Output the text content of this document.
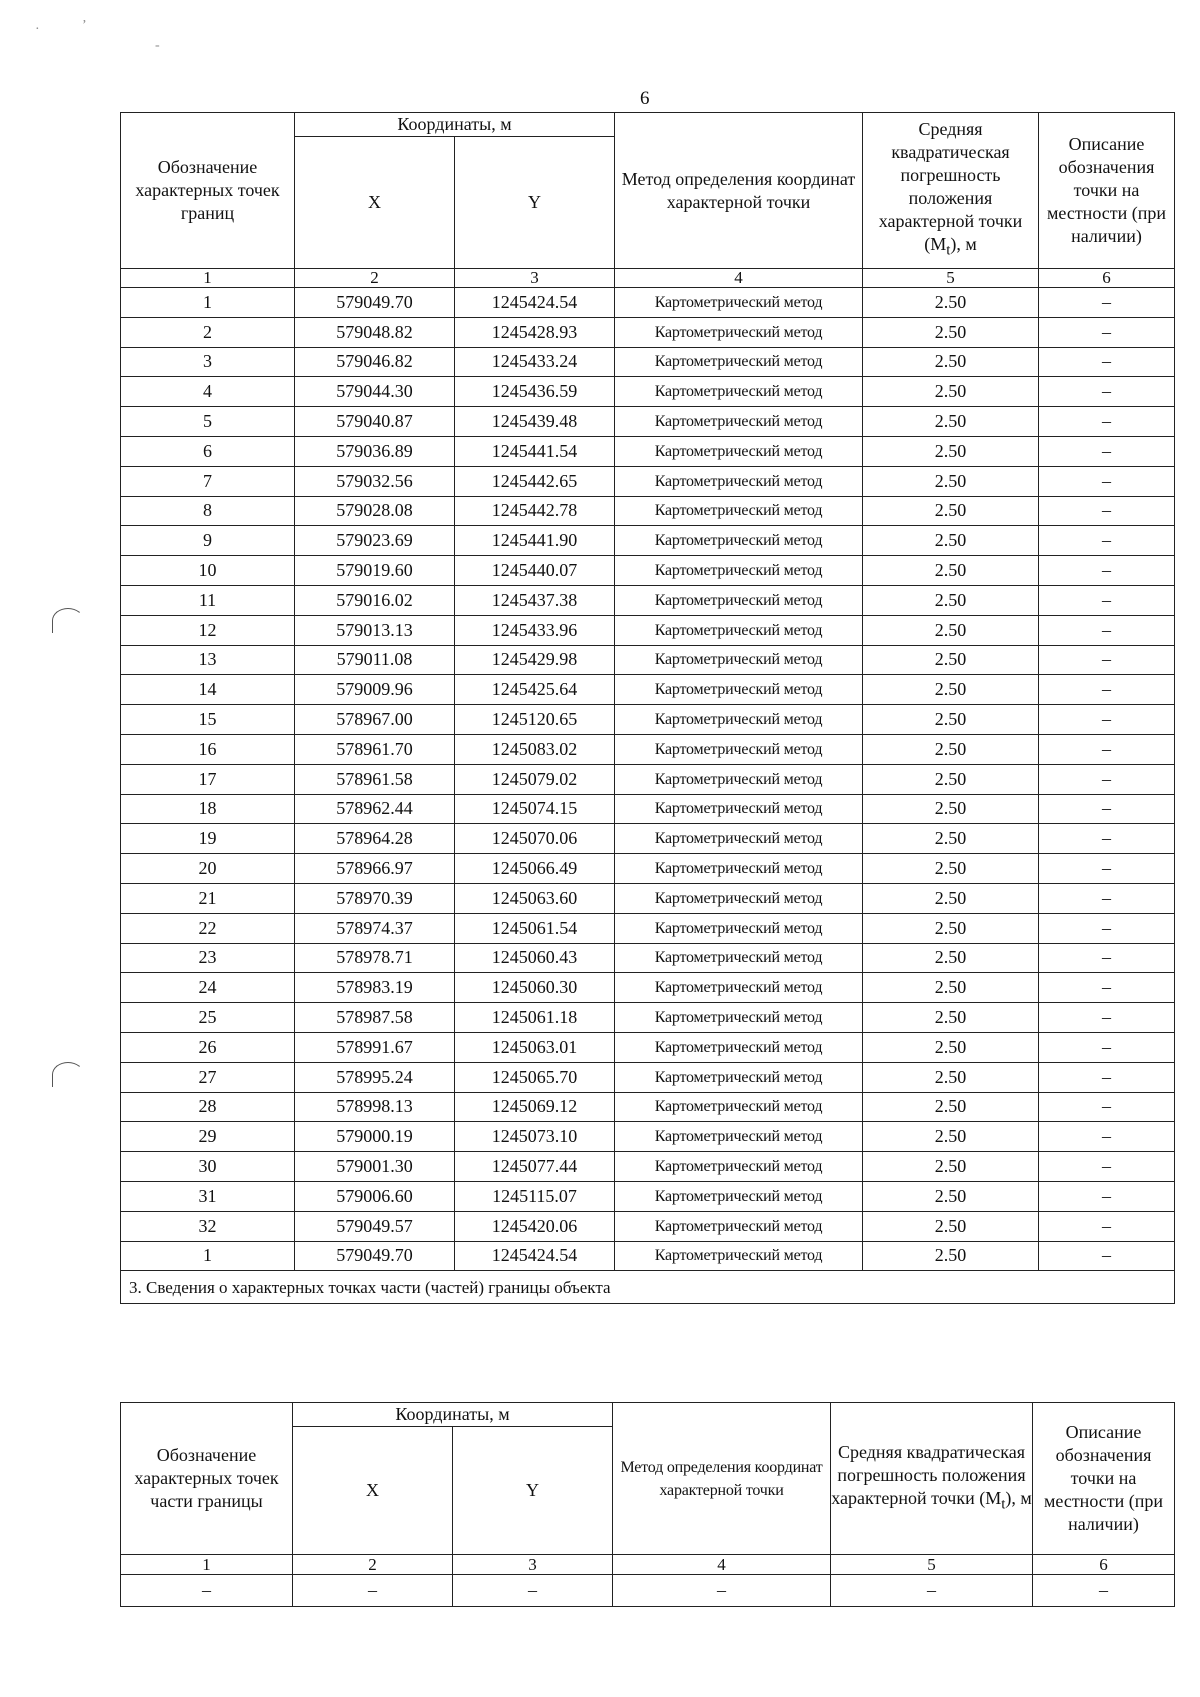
·	’
-
6
Обозначение характерных точек границ	Координаты, м		Метод определения координат характерной точки	Средняя квадратическая погрешность положения характерной точки $(M_t)$, м	Описание обозначения точки на местности (при наличии)
	X	Y			
1	2	3	4	5	6
1	579049.70	1245424.54	Картометрический метод	2.50	–
2	579048.82	1245428.93	Картометрический метод	2.50	–
3	579046.82	1245433.24	Картометрический метод	2.50	–
4	579044.30	1245436.59	Картометрический метод	2.50	–
5	579040.87	1245439.48	Картометрический метод	2.50	–
6	579036.89	1245441.54	Картометрический метод	2.50	–
7	579032.56	1245442.65	Картометрический метод	2.50	–
8	579028.08	1245442.78	Картометрический метод	2.50	–
9	579023.69	1245441.90	Картометрический метод	2.50	–
10	579019.60	1245440.07	Картометрический метод	2.50	–
11	579016.02	1245437.38	Картометрический метод	2.50	–
12	579013.13	1245433.96	Картометрический метод	2.50	–
13	579011.08	1245429.98	Картометрический метод	2.50	–
14	579009.96	1245425.64	Картометрический метод	2.50	–
15	578967.00	1245120.65	Картометрический метод	2.50	–
16	578961.70	1245083.02	Картометрический метод	2.50	–
17	578961.58	1245079.02	Картометрический метод	2.50	–
18	578962.44	1245074.15	Картометрический метод	2.50	–
19	578964.28	1245070.06	Картометрический метод	2.50	–
20	578966.97	1245066.49	Картометрический метод	2.50	–
21	578970.39	1245063.60	Картометрический метод	2.50	–
22	578974.37	1245061.54	Картометрический метод	2.50	–
23	578978.71	1245060.43	Картометрический метод	2.50	–
24	578983.19	1245060.30	Картометрический метод	2.50	–
25	578987.58	1245061.18	Картометрический метод	2.50	–
26	578991.67	1245063.01	Картометрический метод	2.50	–
27	578995.24	1245065.70	Картометрический метод	2.50	–
28	578998.13	1245069.12	Картометрический метод	2.50	–
29	579000.19	1245073.10	Картометрический метод	2.50	–
30	579001.30	1245077.44	Картометрический метод	2.50	–
31	579006.60	1245115.07	Картометрический метод	2.50	–
32	579049.57	1245420.06	Картометрический метод	2.50	–
1	579049.70	1245424.54	Картометрический метод	2.50	–
3. Сведения о характерных точках части (частей) границы объекта					
Обозначение характерных точек части границы	Координаты, м		Метод определения координат характерной точки	Средняя квадратическая погрешность положения характерной точки $(M_t)$, м	Описание обозначения точки на местности (при наличии)
	X	Y			
1	2	3	4	5	6
–	–	–	–	–	–
